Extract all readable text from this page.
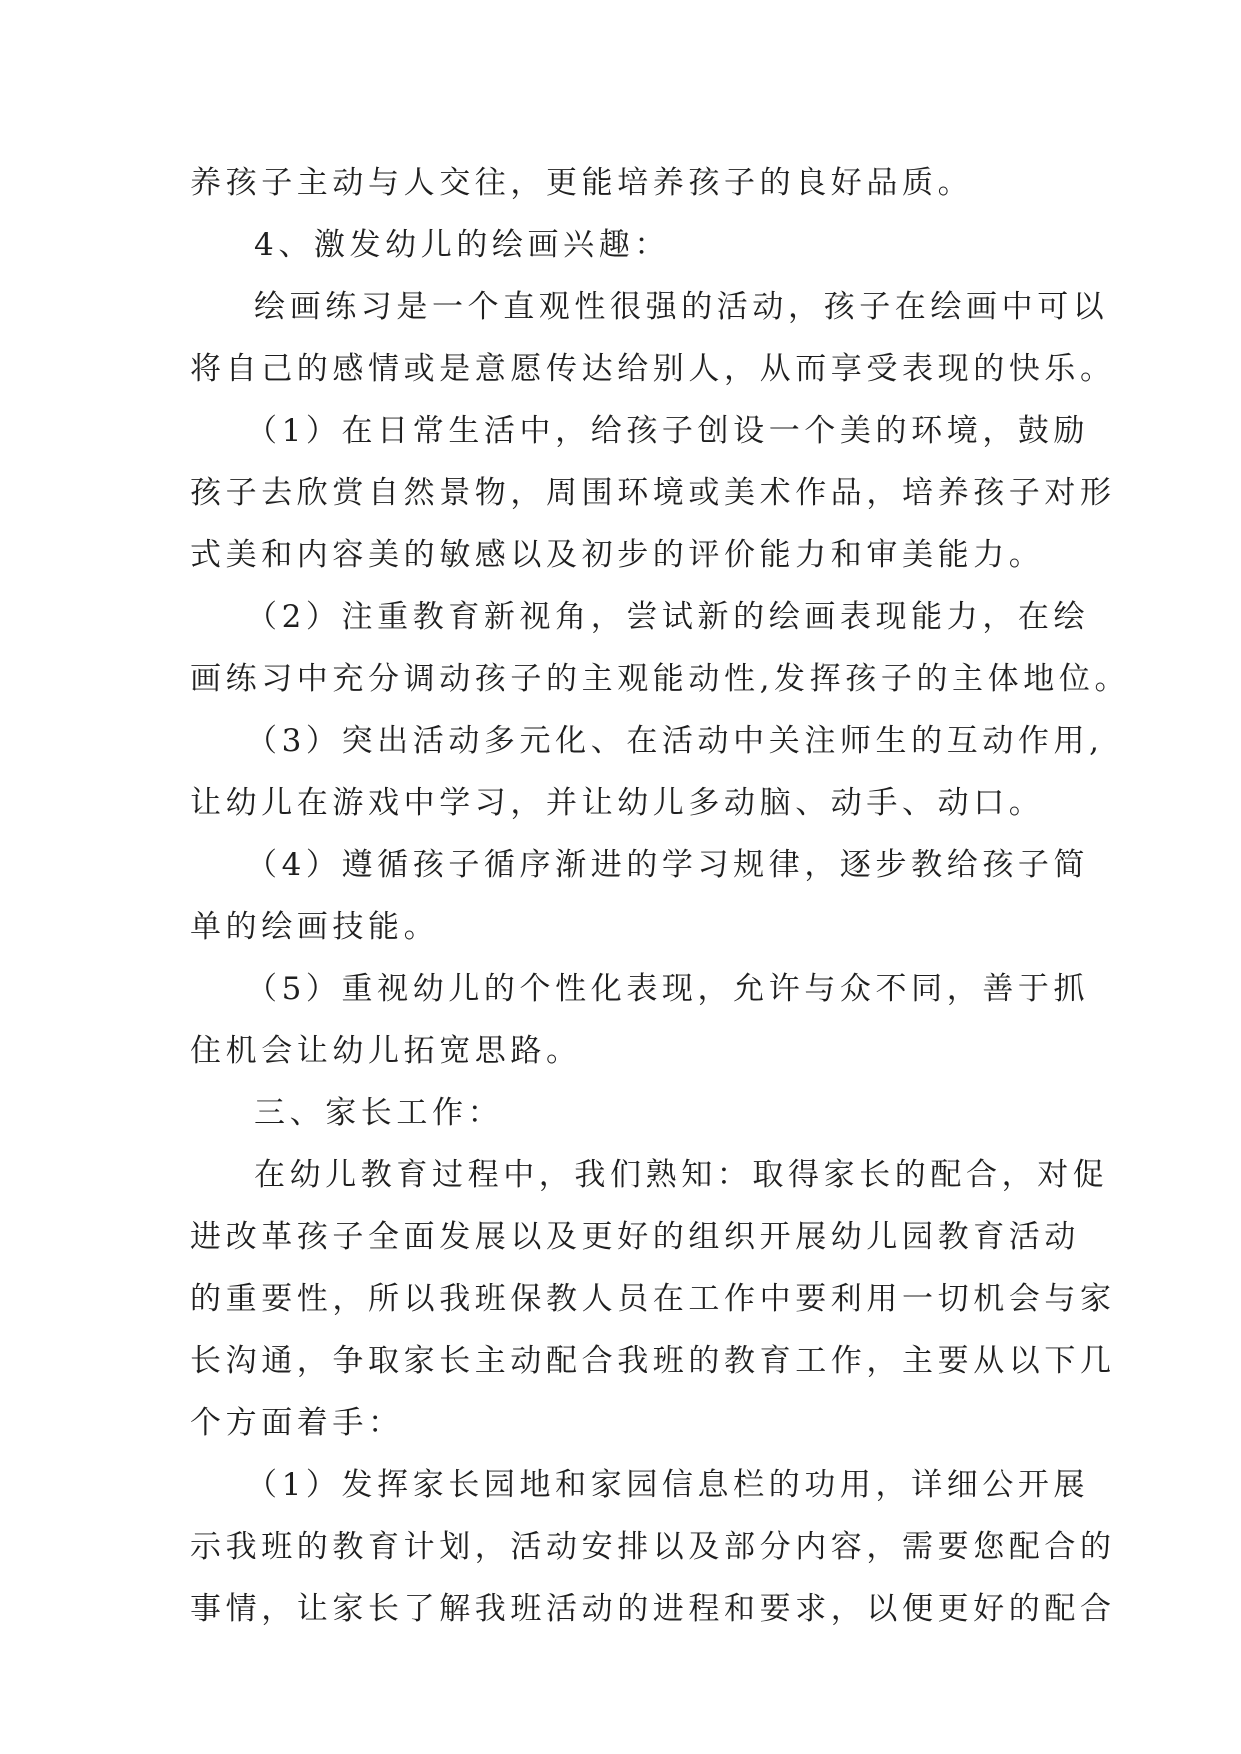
养孩子主动与人交往，更能培养孩子的良好品质。
4、激发幼儿的绘画兴趣：
绘画练习是一个直观性很强的活动，孩子在绘画中可以
将自己的感情或是意愿传达给别人，从而享受表现的快乐。
（1）在日常生活中，给孩子创设一个美的环境，鼓励
孩子去欣赏自然景物，周围环境或美术作品，培养孩子对形
式美和内容美的敏感以及初步的评价能力和审美能力。
（2）注重教育新视角，尝试新的绘画表现能力，在绘
画练习中充分调动孩子的主观能动性,发挥孩子的主体地位。
（3）突出活动多元化、在活动中关注师生的互动作用,
让幼儿在游戏中学习，并让幼儿多动脑、动手、动口。
（4）遵循孩子循序渐进的学习规律，逐步教给孩子简
单的绘画技能。
（5）重视幼儿的个性化表现，允许与众不同，善于抓
住机会让幼儿拓宽思路。
三、家长工作：
在幼儿教育过程中，我们熟知：取得家长的配合，对促
进改革孩子全面发展以及更好的组织开展幼儿园教育活动
的重要性，所以我班保教人员在工作中要利用一切机会与家
长沟通，争取家长主动配合我班的教育工作，主要从以下几
个方面着手：
（1）发挥家长园地和家园信息栏的功用，详细公开展
示我班的教育计划，活动安排以及部分内容，需要您配合的
事情，让家长了解我班活动的进程和要求，以便更好的配合
